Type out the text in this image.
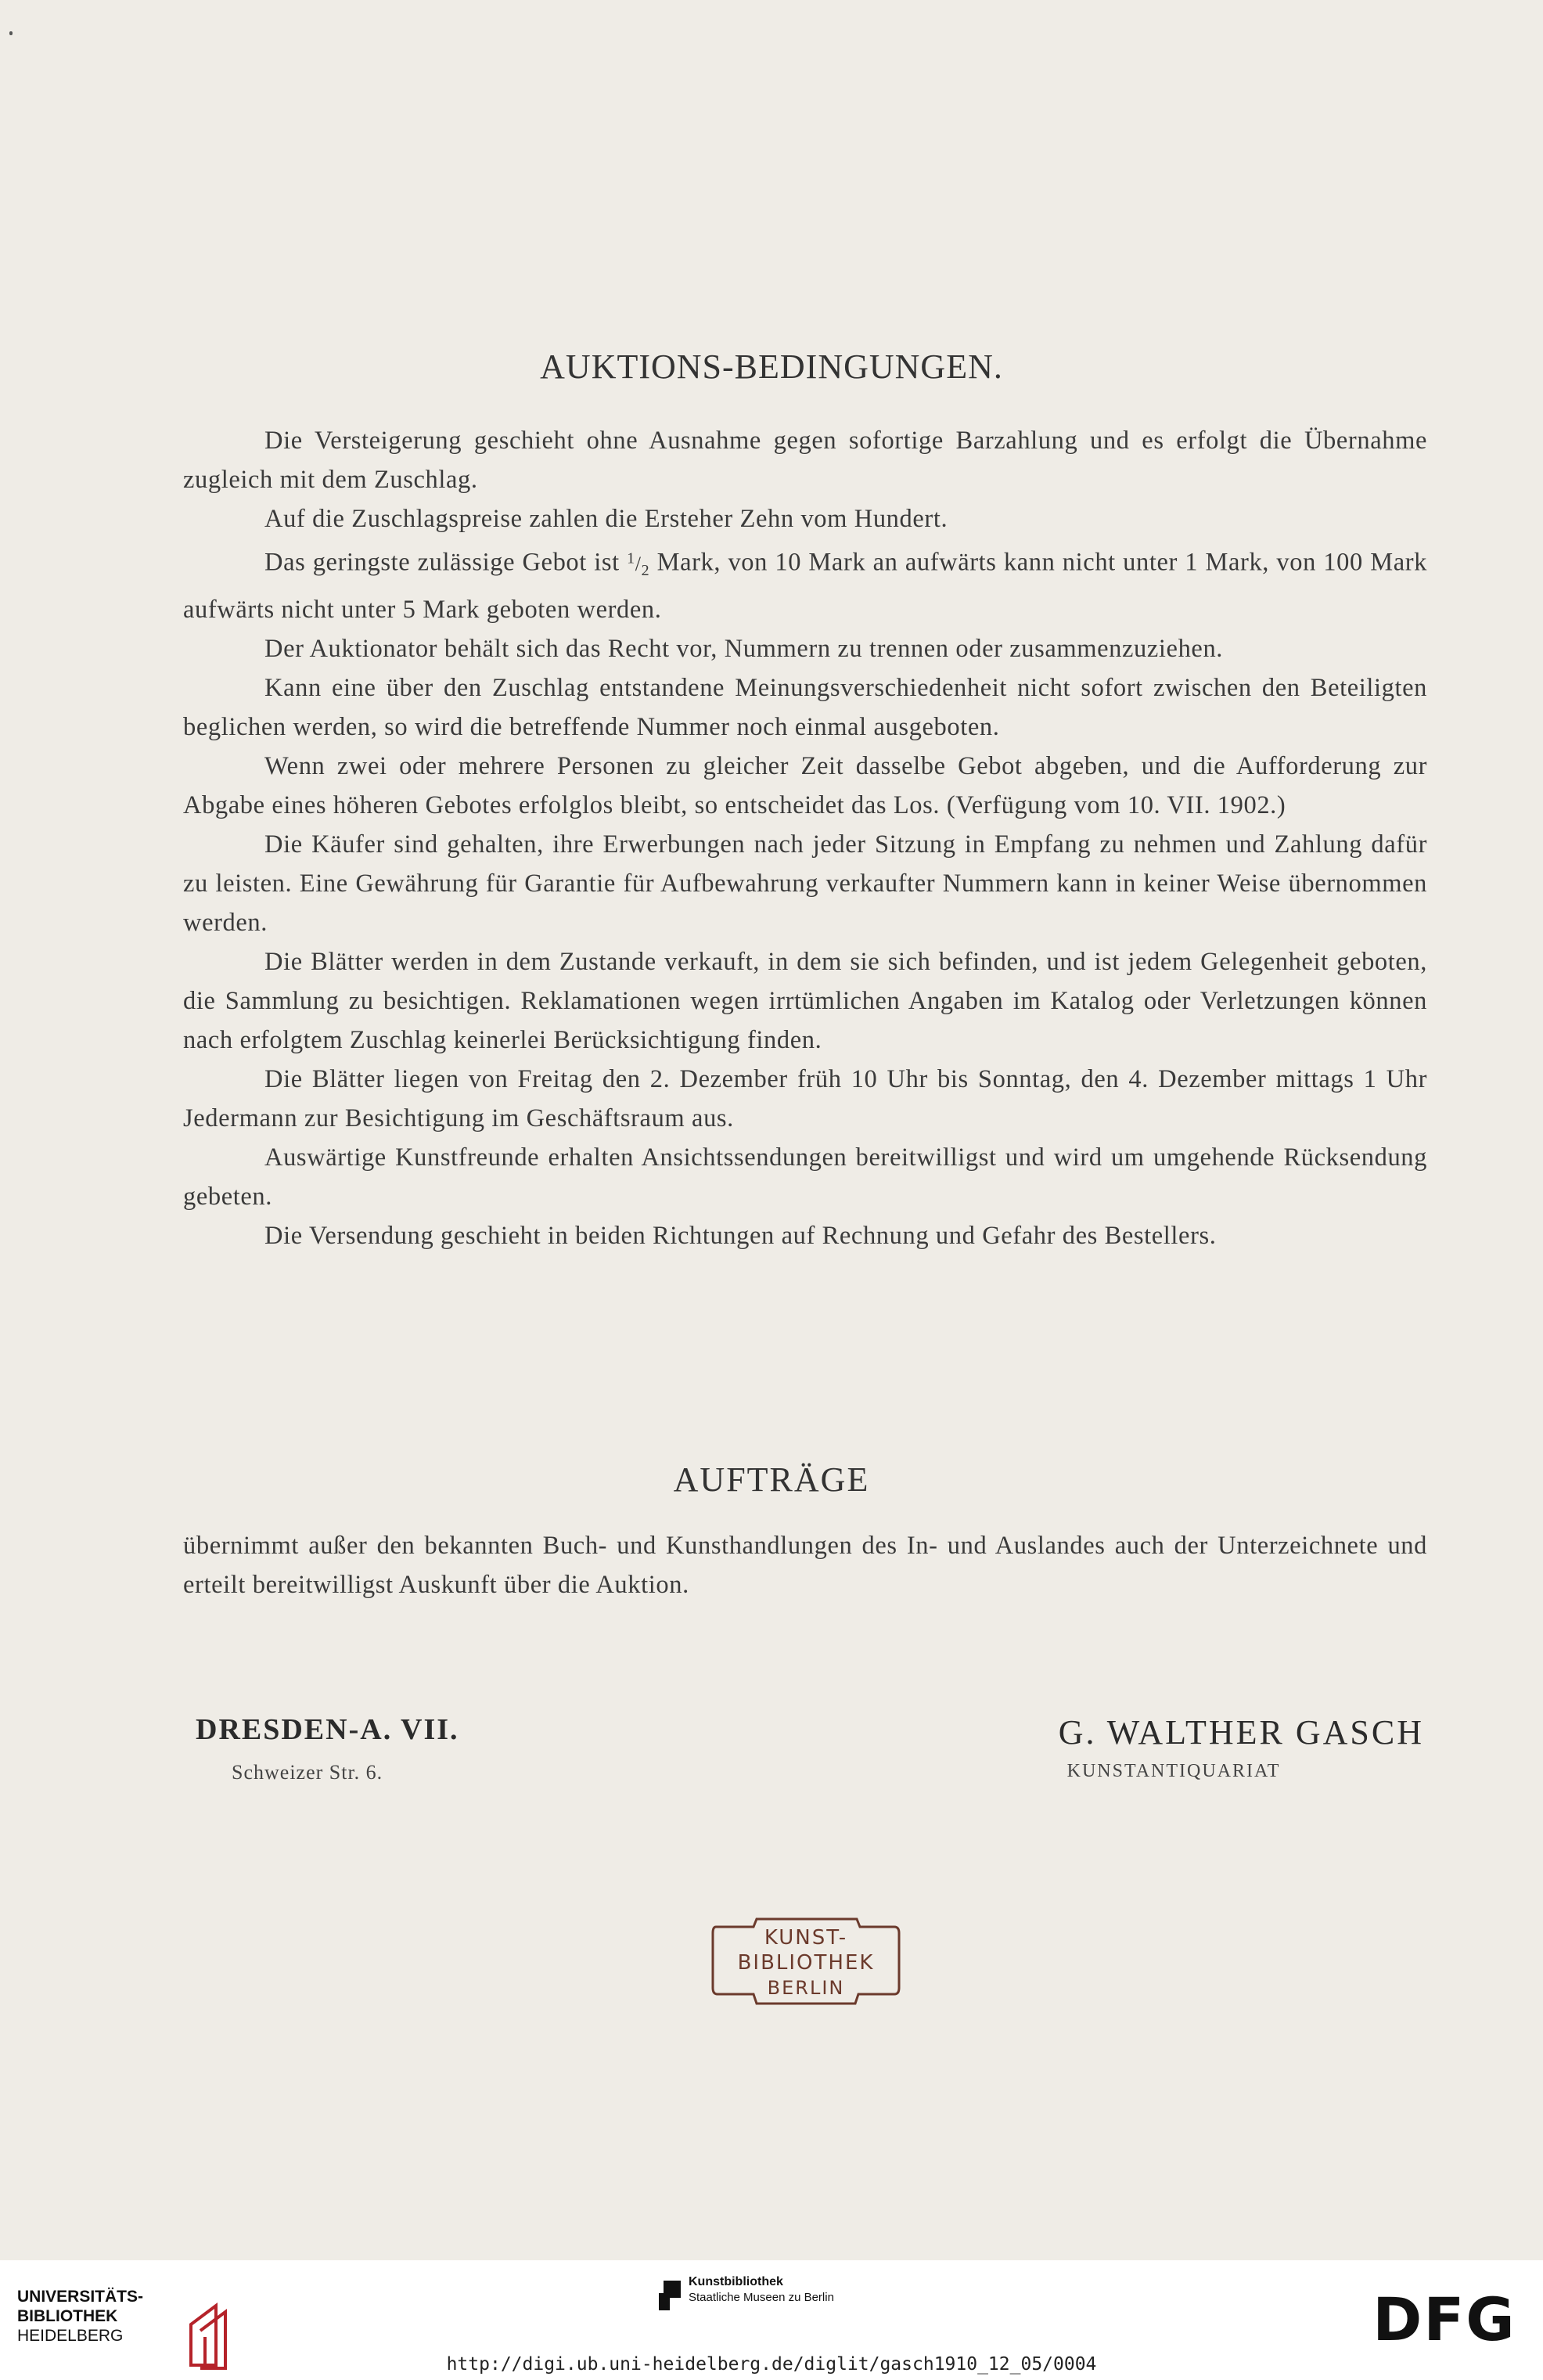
AUKTIONS-BEDINGUNGEN.

Die Versteigerung geschieht ohne Ausnahme gegen sofortige Barzahlung und es erfolgt die Übernahme zugleich mit dem Zuschlag.

Auf die Zuschlagspreise zahlen die Ersteher Zehn vom Hundert.

Das geringste zulässige Gebot ist $^1/_2$ Mark, von 10 Mark an aufwärts kann nicht unter 1 Mark, von 100 Mark aufwärts nicht unter 5 Mark geboten werden.

Der Auktionator behält sich das Recht vor, Nummern zu trennen oder zusammenzuziehen.

Kann eine über den Zuschlag entstandene Meinungsverschiedenheit nicht sofort zwischen den Beteiligten beglichen werden, so wird die betreffende Nummer noch einmal ausgeboten.

Wenn zwei oder mehrere Personen zu gleicher Zeit dasselbe Gebot abgeben, und die Aufforderung zur Abgabe eines höheren Gebotes erfolglos bleibt, so entscheidet das Los. (Verfügung vom 10. VII. 1902.)

Die Käufer sind gehalten, ihre Erwerbungen nach jeder Sitzung in Empfang zu nehmen und Zahlung dafür zu leisten. Eine Gewährung für Garantie für Aufbewahrung verkaufter Nummern kann in keiner Weise übernommen werden.

Die Blätter werden in dem Zustande verkauft, in dem sie sich befinden, und ist jedem Gelegenheit geboten, die Sammlung zu besichtigen. Reklamationen wegen irrtümlichen Angaben im Katalog oder Verletzungen können nach erfolgtem Zuschlag keinerlei Berücksichtigung finden.

Die Blätter liegen von Freitag den 2. Dezember früh 10 Uhr bis Sonntag, den 4. Dezember mittags 1 Uhr Jedermann zur Besichtigung im Geschäftsraum aus.

Auswärtige Kunstfreunde erhalten Ansichtssendungen bereitwilligst und wird um umgehende Rücksendung gebeten.

Die Versendung geschieht in beiden Richtungen auf Rechnung und Gefahr des Bestellers.

AUFTRÄGE

übernimmt außer den bekannten Buch- und Kunsthandlungen des In- und Auslandes auch der Unterzeichnete und erteilt bereitwilligst Auskunft über die Auktion.

DRESDEN-A. VII.
Schweizer Str. 6.
G. WALTHER GASCH
KUNSTANTIQUARIAT
KUNST-
BIBLIOTHEK
BERLIN
UNIVERSITÄTS-
BIBLIOTHEK
HEIDELBERG
Kunstbibliothek
Staatliche Museen zu Berlin	DFG
http://digi.ub.uni-heidelberg.de/diglit/gasch1910_12_05/0004
